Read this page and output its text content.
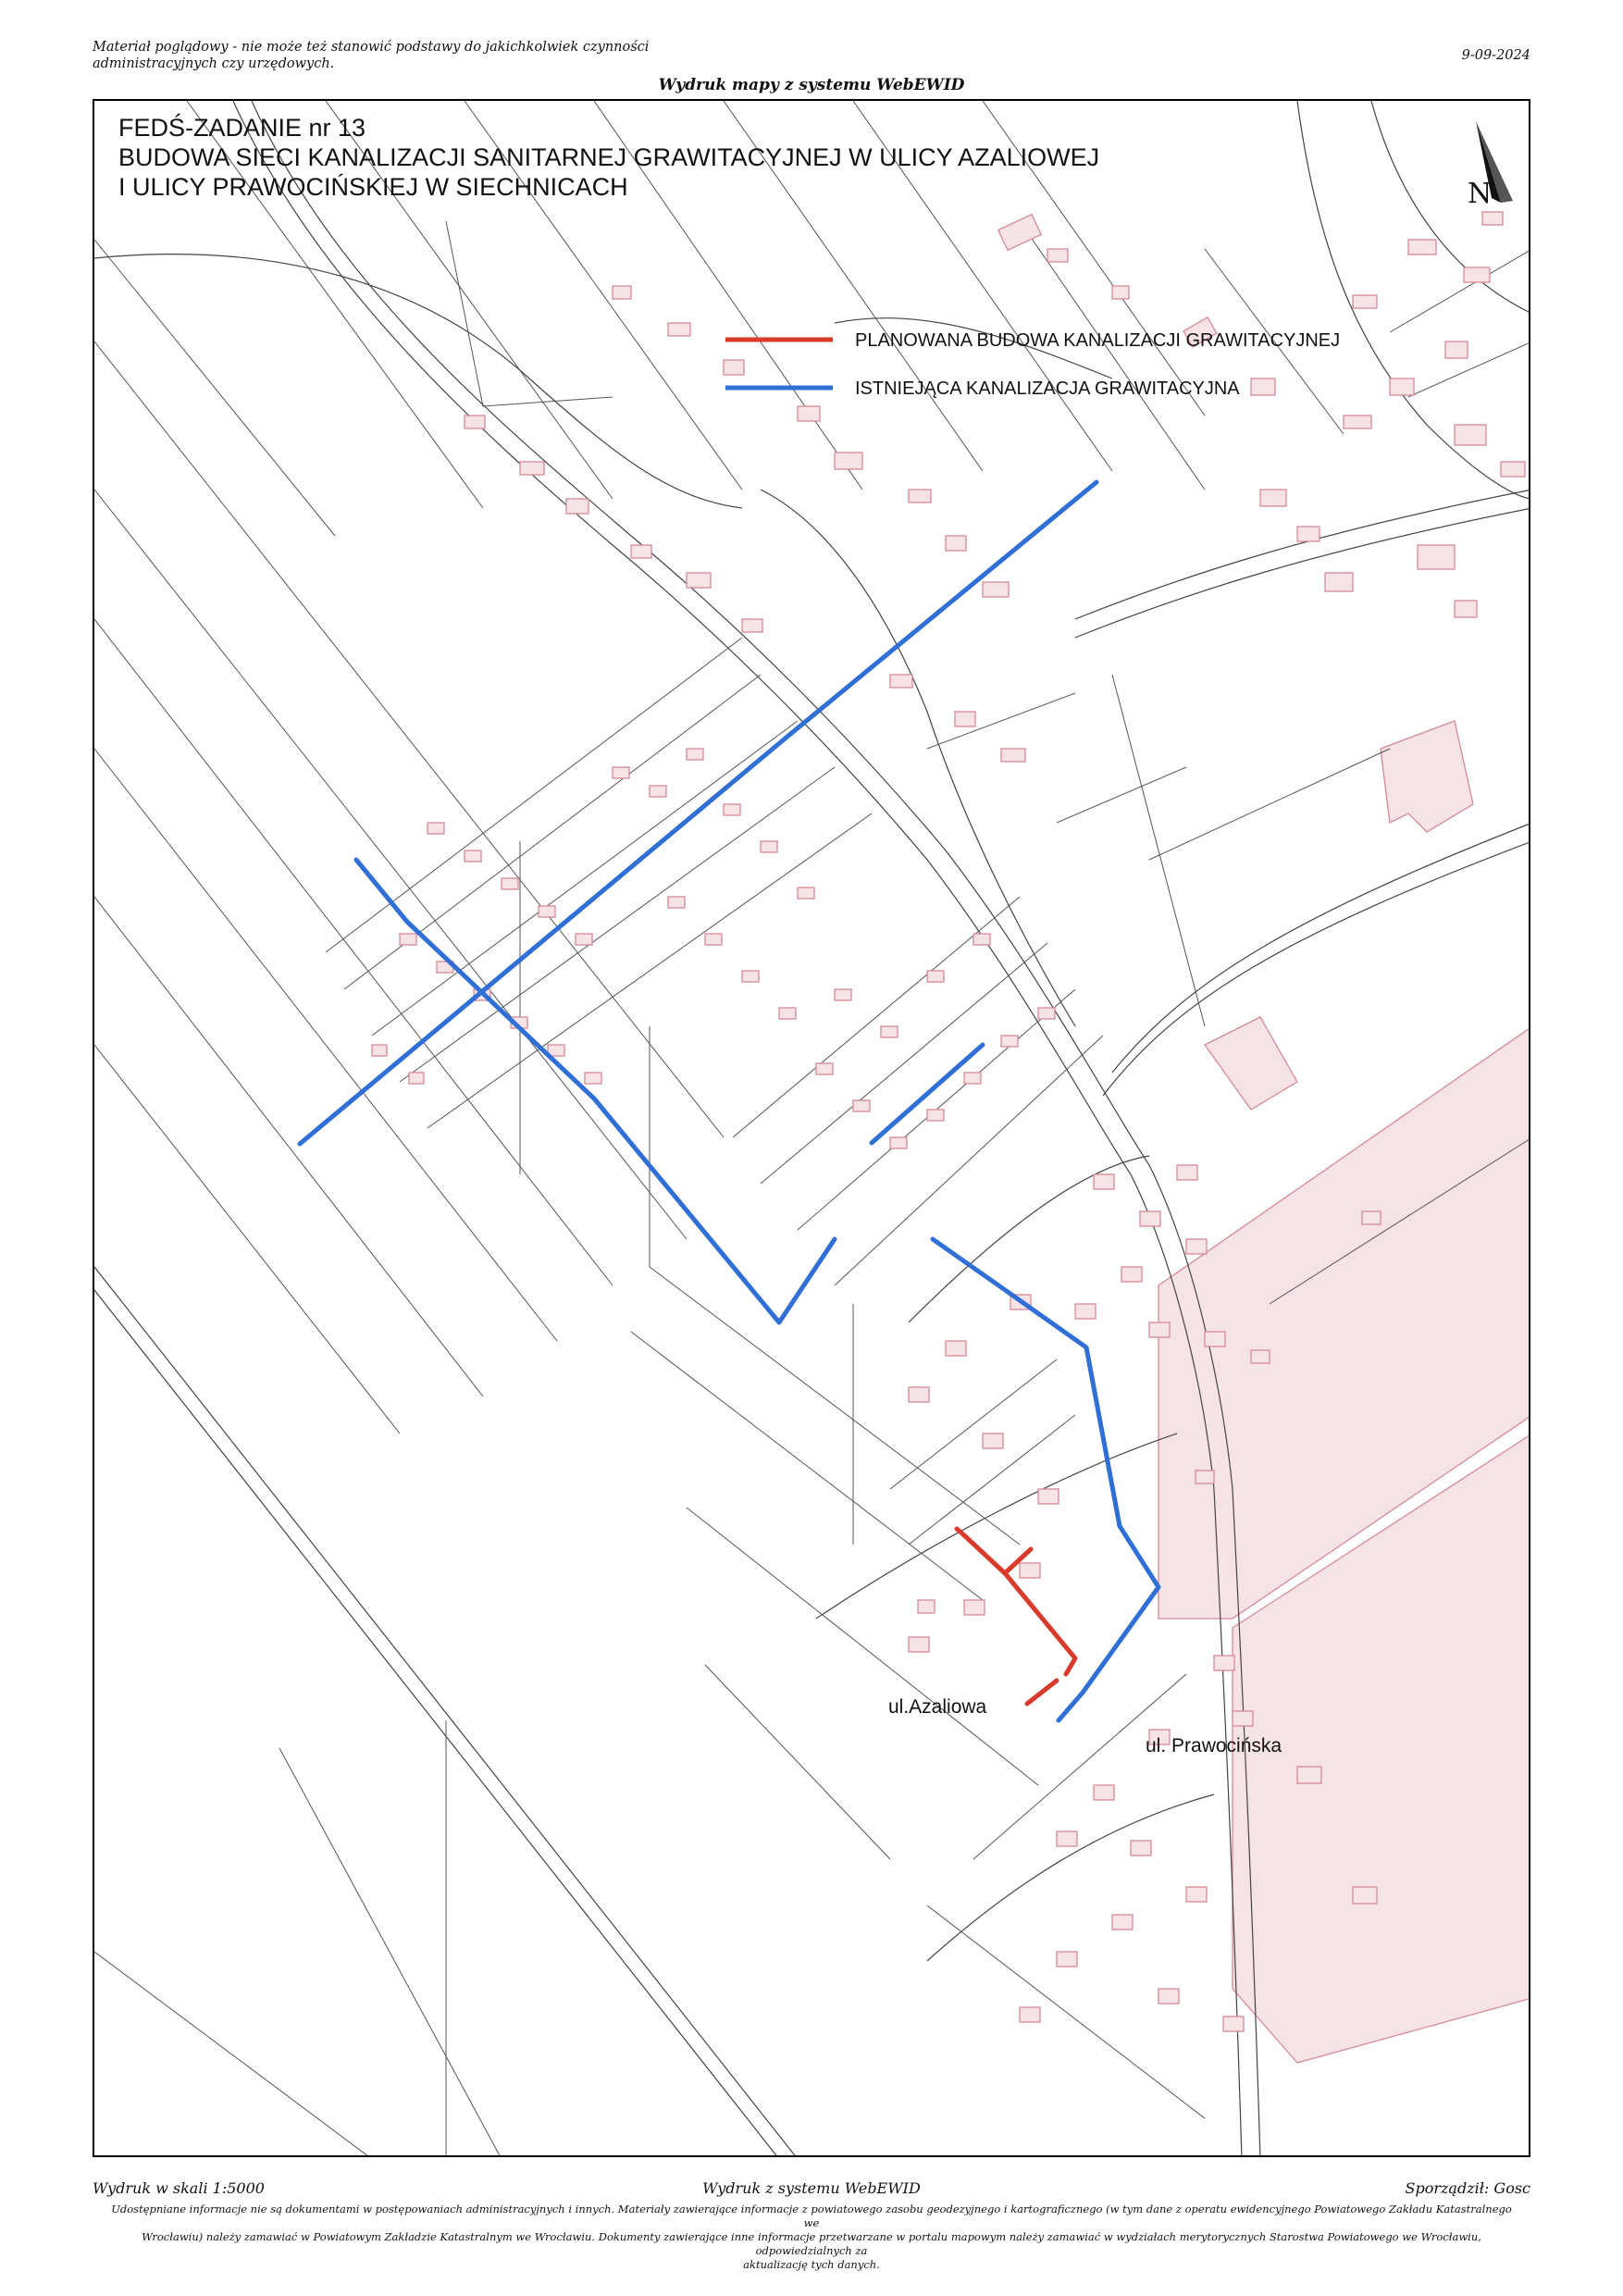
Materiał poglądowy - nie może też stanowić podstawy do jakichkolwiek czynności
administracyjnych czy urzędowych.
9-09-2024
Wydruk mapy z systemu WebEWID
FEDŚ-ZADANIE nr 13
BUDOWA SIECI KANALIZACJI SANITARNEJ GRAWITACYJNEJ W ULICY AZALIOWEJ
I ULICY PRAWOCIŃSKIEJ W SIECHNICACH	N
PLANOWANA BUDOWA KANALIZACJI GRAWITACYJNEJ
ISTNIEJĄCA KANALIZACJA GRAWITACYJNA
ul.Azaliowa
ul. Prawocińska
Wydruk w skali 1:5000	Wydruk z systemu WebEWID	Sporządził: Gosc
Udostępniane informacje nie są dokumentami w postępowaniach administracyjnych i innych. Materiały zawierające informacje z powiatowego zasobu geodezyjnego i kartograficznego (w tym dane z operatu ewidencyjnego Powiatowego Zakładu Katastralnego we
Wrocławiu) należy zamawiać w Powiatowym Zakładzie Katastralnym we Wrocławiu. Dokumenty zawierające inne informacje przetwarzane w portalu mapowym należy zamawiać w wydziałach merytorycznych Starostwa Powiatowego we Wrocławiu, odpowiedzialnych za
aktualizację tych danych.
